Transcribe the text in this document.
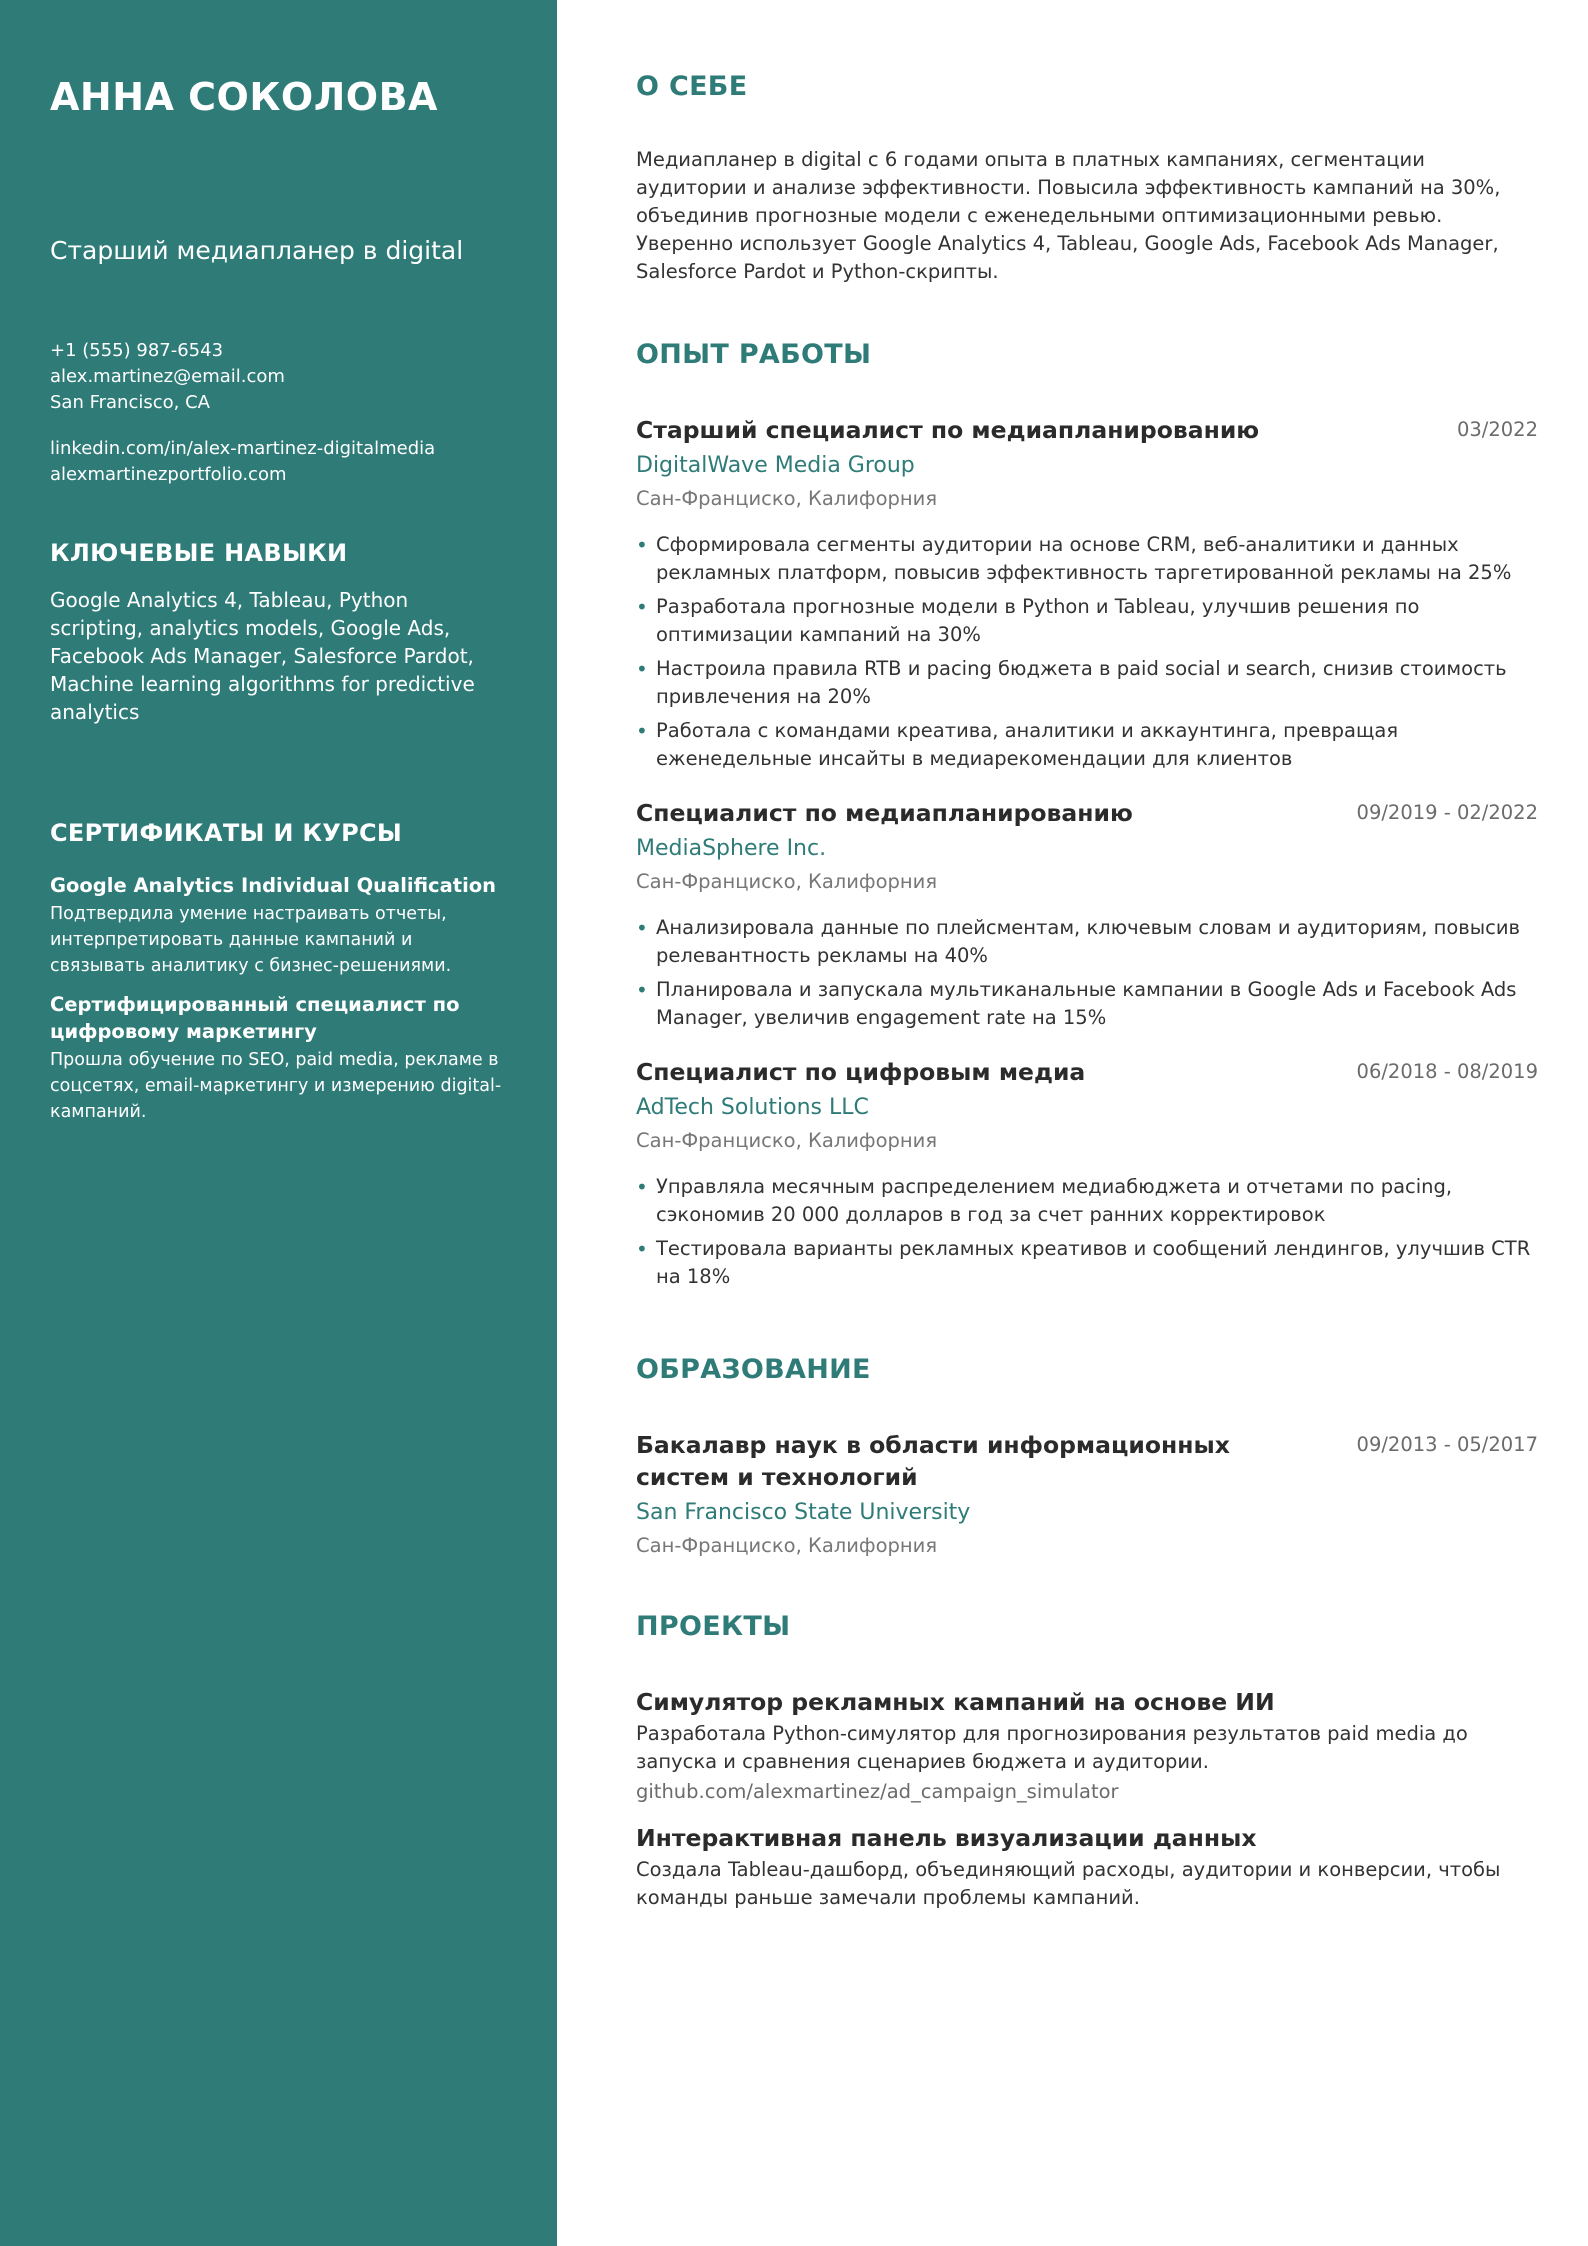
АННА СОКОЛОВА
Старший медиапланер в digital
+1 (555) 987-6543
alex.martinez@email.com
San Francisco, CA
linkedin.com/in/alex-martinez-digitalmedia
alexmartinezportfolio.com
КЛЮЧЕВЫЕ НАВЫКИ
Google Analytics 4, Tableau, Python scripting, analytics models, Google Ads, Facebook Ads Manager, Salesforce Pardot, Machine learning algorithms for predictive analytics
СЕРТИФИКАТЫ И КУРСЫ
Google Analytics Individual Qualification
Подтвердила умение настраивать отчеты, интерпретировать данные кампаний и связывать аналитику с бизнес-решениями.
Сертифицированный специалист по цифровому маркетингу
Прошла обучение по SEO, paid media, рекламе в соцсетях, email-маркетингу и измерению digital-кампаний.
О СЕБЕ
Медиапланер в digital с 6 годами опыта в платных кампаниях, сегментации аудитории и анализе эффективности. Повысила эффективность кампаний на 30%, объединив прогнозные модели с еженедельными оптимизационными ревью. Уверенно использует Google Analytics 4, Tableau, Google Ads, Facebook Ads Manager, Salesforce Pardot и Python-скрипты.
ОПЫТ РАБОТЫ
Старший специалист по медиапланированию	03/2022
DigitalWave Media Group
Сан-Франциско, Калифорния
• Сформировала сегменты аудитории на основе CRM, веб-аналитики и данных рекламных платформ, повысив эффективность таргетированной рекламы на 25%
• Разработала прогнозные модели в Python и Tableau, улучшив решения по оптимизации кампаний на 30%
• Настроила правила RTB и pacing бюджета в paid social и search, снизив стоимость привлечения на 20%
• Работала с командами креатива, аналитики и аккаунтинга, превращая еженедельные инсайты в медиарекомендации для клиентов
Специалист по медиапланированию	09/2019 - 02/2022
MediaSphere Inc.
Сан-Франциско, Калифорния
• Анализировала данные по плейсментам, ключевым словам и аудиториям, повысив релевантность рекламы на 40%
• Планировала и запускала мультиканальные кампании в Google Ads и Facebook Ads Manager, увеличив engagement rate на 15%
Специалист по цифровым медиа	06/2018 - 08/2019
AdTech Solutions LLC
Сан-Франциско, Калифорния
• Управляла месячным распределением медиабюджета и отчетами по pacing, сэкономив 20 000 долларов в год за счет ранних корректировок
• Тестировала варианты рекламных креативов и сообщений лендингов, улучшив CTR на 18%
ОБРАЗОВАНИЕ
Бакалавр наук в области информационных систем и технологий
09/2013 - 05/2017
San Francisco State University
Сан-Франциско, Калифорния
ПРОЕКТЫ
Симулятор рекламных кампаний на основе ИИ
Разработала Python-симулятор для прогнозирования результатов paid media до запуска и сравнения сценариев бюджета и аудитории.
github.com/alexmartinez/ad_campaign_simulator
Интерактивная панель визуализации данных
Создала Tableau-дашборд, объединяющий расходы, аудитории и конверсии, чтобы команды раньше замечали проблемы кампаний.
